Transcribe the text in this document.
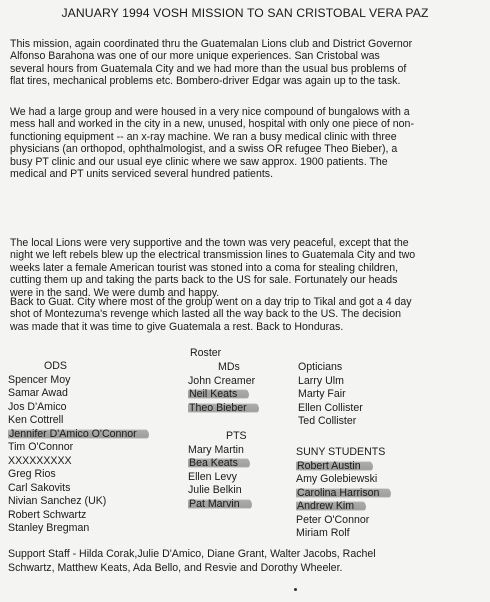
JANUARY 1994 VOSH MISSION TO SAN CRISTOBAL VERA PAZ

This mission, again coordinated thru the Guatemalan Lions club and District Governor
Alfonso Barahona was one of our more unique experiences. San Cristobal was
several hours from Guatemala City and we had more than the usual bus problems of
flat tires, mechanical problems etc. Bombero-driver Edgar was again up to the task.

We had a large group and were housed in a very nice compound of bungalows with a
mess hall and worked in the city in a new, unused, hospital with only one piece of non-
functioning equipment -- an x-ray machine. We ran a busy medical clinic with three
physicians (an orthopod, ophthalmologist, and a swiss OR refugee Theo Bieber), a
busy PT clinic and our usual eye clinic where we saw approx. 1900 patients. The
medical and PT units serviced several hundred patients.

The local Lions were very supportive and the town was very peaceful, except that the
night we left rebels blew up the electrical transmission lines to Guatemala City and two
weeks later a female American tourist was stoned into a coma for stealing children,
cutting them up and taking the parts back to the US for sale. Fortunately our heads
were in the sand. We were dumb and happy.

Back to Guat. City where most of the group went on a day trip to Tikal and got a 4 day
shot of Montezuma's revenge which lasted all the way back to the US. The decision
was made that it was time to give Guatemala a rest. Back to Honduras.

Roster
ODS
Spencer Moy
Samar Awad
Jos D'Amico
Ken Cottrell
Jennifer D'Amico O'Connor
Tim O'Connor
XXXXXXXXX
Greg Rios
Carl Sakovits
Nivian Sanchez (UK)
Robert Schwartz
Stanley Bregman
MDs
John Creamer
Neil Keats
Theo Bieber
PTS
Mary Martin
Bea Keats
Ellen Levy
Julie Belkin
Pat Marvin
Opticians
Larry Ulm
Marty Fair
Ellen Collister
Ted Collister
SUNY STUDENTS
Robert Austin
Amy Golebiewski
Carolina Harrison
Andrew Kim
Peter O'Connor
Miriam Rolf

Support Staff - Hilda Corak,Julie D'Amico, Diane Grant, Walter Jacobs, Rachel
Schwartz, Matthew Keats, Ada Bello, and Resvie and Dorothy Wheeler.
